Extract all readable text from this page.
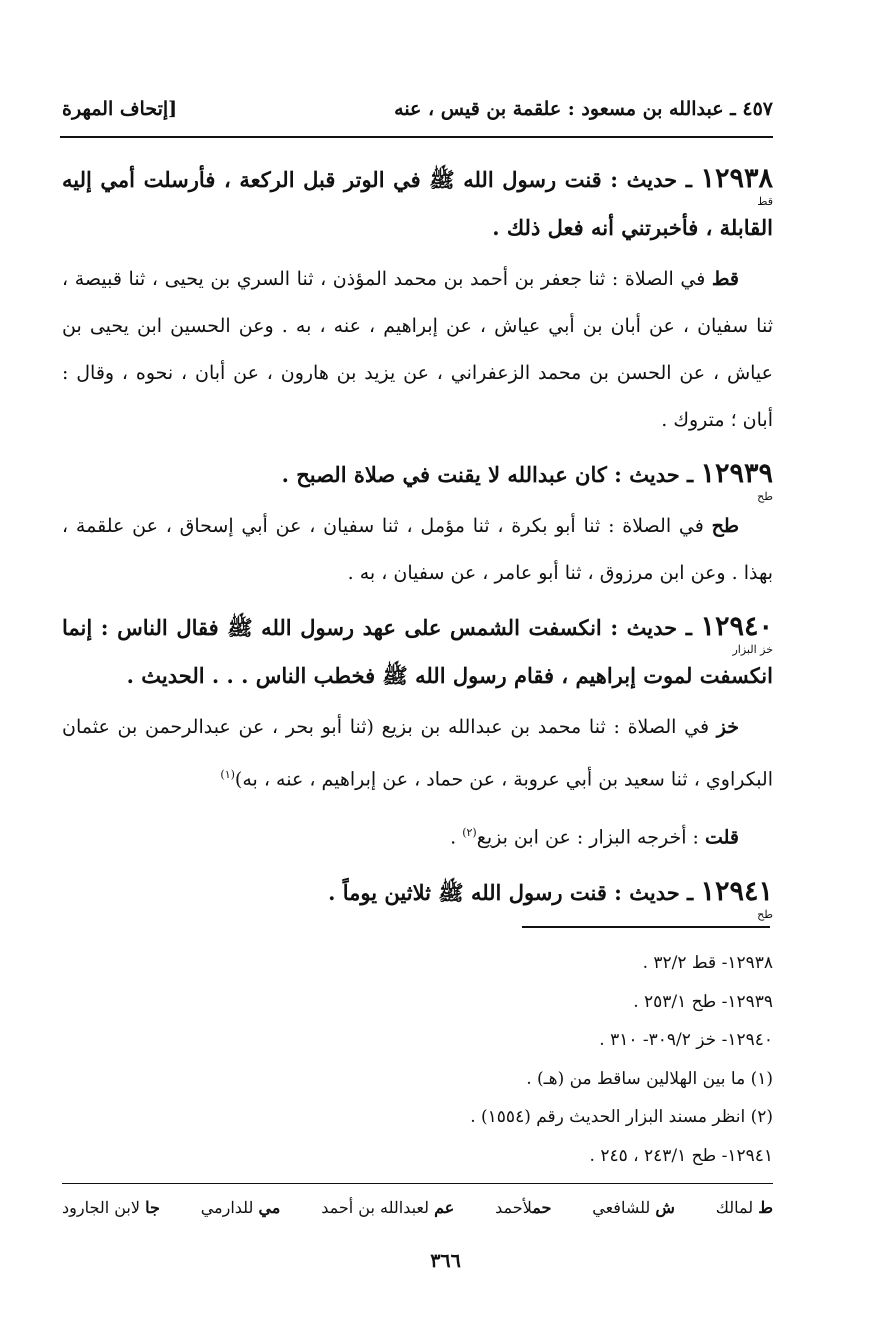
٤٥٧ ـ عبدالله بن مسعود : علقمة بن قيس ، عنه
[إتحاف المهرة

١٢٩٣٨
قط
ـ حديث : قنت رسول الله ﷺ في الوتر قبل الركعة ، فأرسلت أمي إليه القابلة ، فأخبرتني أنه فعل ذلك .

قط في الصلاة : ثنا جعفر بن أحمد بن محمد المؤذن ، ثنا السري بن يحيى ، ثنا قبيصة ، ثنا سفيان ، عن أبان بن أبي عياش ، عن إبراهيم ، عنه ، به . وعن الحسين ابن يحيى بن عياش ، عن الحسن بن محمد الزعفراني ، عن يزيد بن هارون ، عن أبان ، نحوه ، وقال : أبان ؛ متروك .

١٢٩٣٩
طح
ـ حديث : كان عبدالله لا يقنت في صلاة الصبح .

طح في الصلاة : ثنا أبو بكرة ، ثنا مؤمل ، ثنا سفيان ، عن أبي إسحاق ، عن علقمة ، بهذا . وعن ابن مرزوق ، ثنا أبو عامر ، عن سفيان ، به .

١٢٩٤٠
خز البزار
ـ حديث : انكسفت الشمس على عهد رسول الله ﷺ فقال الناس : إنما انكسفت لموت إبراهيم ، فقام رسول الله ﷺ فخطب الناس . . . الحديث .

خز في الصلاة : ثنا محمد بن عبدالله بن بزيع (ثنا أبو بحر ، عن عبدالرحمن بن عثمان البكراوي ، ثنا سعيد بن أبي عروبة ، عن حماد ، عن إبراهيم ، عنه ، به)$^{(١)}$

قلت : أخرجه البزار : عن ابن بزيع$^{(٢)}$ .

١٢٩٤١
طح
ـ حديث : قنت رسول الله ﷺ ثلاثين يوماً .

١٢٩٣٨- قط ٣٢/٢ .
١٢٩٣٩- طح ٢٥٣/١ .
١٢٩٤٠- خز ٣٠٩/٢- ٣١٠ .
(١) ما بين الهلالين ساقط من (هـ) .
(٢) انظر مسند البزار الحديث رقم (١٥٥٤) .
١٢٩٤١- طح ٢٤٣/١ ، ٢٤٥ .
ط لمالك
ش للشافعي
حملأحمد
عم لعبدالله بن أحمد
مي للدارمي
جا لابن الجارود
٣٦٦
